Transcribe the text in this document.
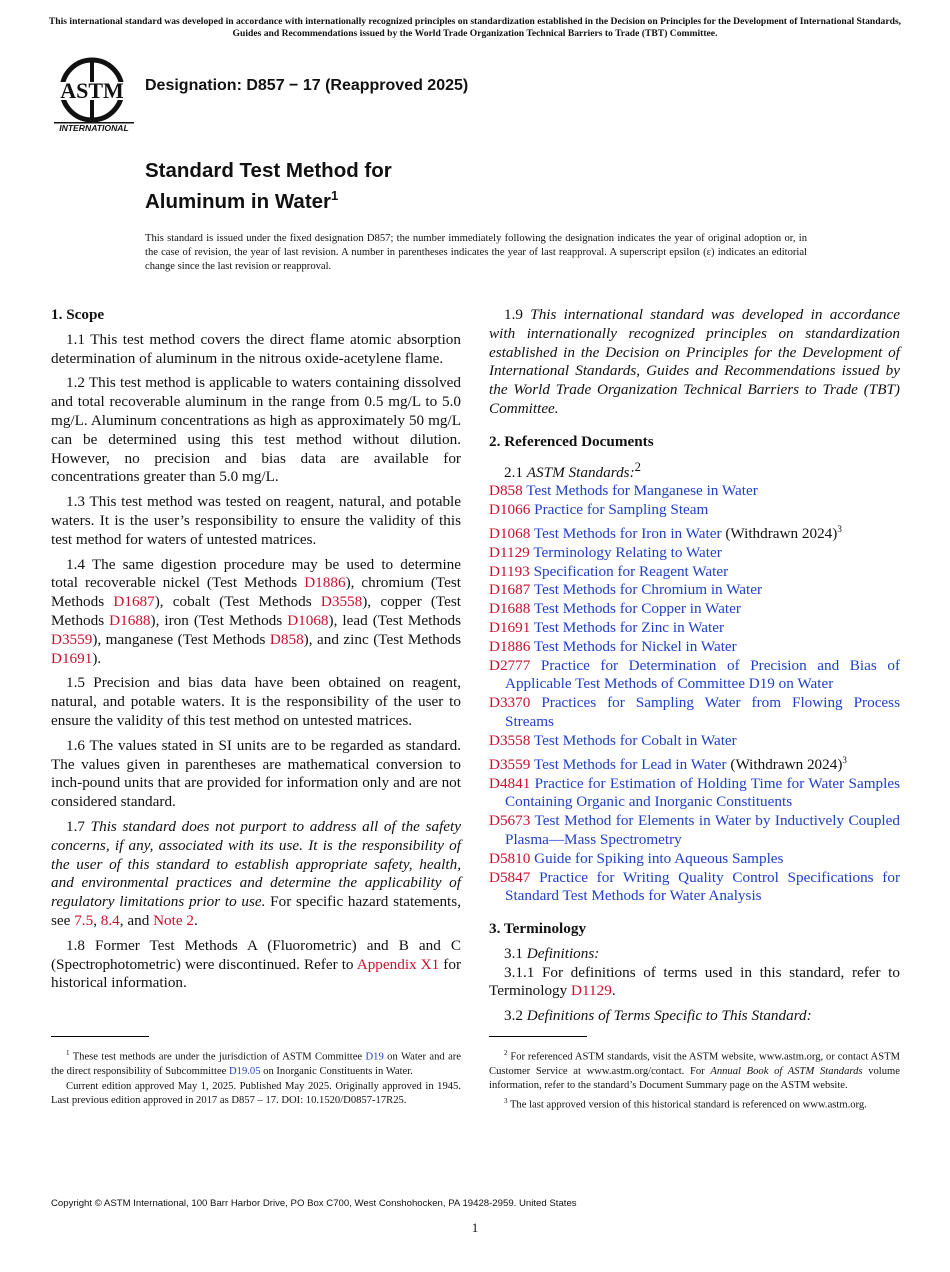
This international standard was developed in accordance with internationally recognized principles on standardization established in the Decision on Principles for the Development of International Standards, Guides and Recommendations issued by the World Trade Organization Technical Barriers to Trade (TBT) Committee.
ASTM
INTERNATIONAL
Designation: D857 − 17 (Reapproved 2025)
Standard Test Method for
Aluminum in Water$^1$
This standard is issued under the fixed designation D857; the number immediately following the designation indicates the year of original adoption or, in the case of revision, the year of last revision. A number in parentheses indicates the year of last reapproval. A superscript epsilon (ε) indicates an editorial change since the last revision or reapproval.
1. Scope

1.1 This test method covers the direct flame atomic absorption determination of aluminum in the nitrous oxide-acetylene flame.

1.2 This test method is applicable to waters containing dissolved and total recoverable aluminum in the range from 0.5 mg/L to 5.0 mg/L. Aluminum concentrations as high as approximately 50 mg/L can be determined using this test method without dilution. However, no precision and bias data are available for concentrations greater than 5.0 mg/L.

1.3 This test method was tested on reagent, natural, and potable waters. It is the user’s responsibility to ensure the validity of this test method for waters of untested matrices.

1.4 The same digestion procedure may be used to determine total recoverable nickel (Test Methods D1886), chromium (Test Methods D1687), cobalt (Test Methods D3558), copper (Test Methods D1688), iron (Test Methods D1068), lead (Test Methods D3559), manganese (Test Methods D858), and zinc (Test Methods D1691).

1.5 Precision and bias data have been obtained on reagent, natural, and potable waters. It is the responsibility of the user to ensure the validity of this test method on untested matrices.

1.6 The values stated in SI units are to be regarded as standard. The values given in parentheses are mathematical conversion to inch-pound units that are provided for information only and are not considered standard.

1.7 This standard does not purport to address all of the safety concerns, if any, associated with its use. It is the responsibility of the user of this standard to establish appropriate safety, health, and environmental practices and determine the applicability of regulatory limitations prior to use. For specific hazard statements, see 7.5, 8.4, and Note 2.

1.8 Former Test Methods A (Fluorometric) and B and C (Spectrophotometric) were discontinued. Refer to Appendix X1 for historical information.

1.9 This international standard was developed in accordance with internationally recognized principles on standardization established in the Decision on Principles for the Development of International Standards, Guides and Recommendations issued by the World Trade Organization Technical Barriers to Trade (TBT) Committee.

2. Referenced Documents

2.1 ASTM Standards:$^2$

D858 Test Methods for Manganese in Water

D1066 Practice for Sampling Steam

D1068 Test Methods for Iron in Water (Withdrawn 2024)$^3$

D1129 Terminology Relating to Water

D1193 Specification for Reagent Water

D1687 Test Methods for Chromium in Water

D1688 Test Methods for Copper in Water

D1691 Test Methods for Zinc in Water

D1886 Test Methods for Nickel in Water

D2777 Practice for Determination of Precision and Bias of Applicable Test Methods of Committee D19 on Water

D3370 Practices for Sampling Water from Flowing Process Streams

D3558 Test Methods for Cobalt in Water

D3559 Test Methods for Lead in Water (Withdrawn 2024)$^3$

D4841 Practice for Estimation of Holding Time for Water Samples Containing Organic and Inorganic Constituents

D5673 Test Method for Elements in Water by Inductively Coupled Plasma—Mass Spectrometry

D5810 Guide for Spiking into Aqueous Samples

D5847 Practice for Writing Quality Control Specifications for Standard Test Methods for Water Analysis

3. Terminology

3.1 Definitions:

3.1.1 For definitions of terms used in this standard, refer to Terminology D1129.

3.2 Definitions of Terms Specific to This Standard:

$^1$ These test methods are under the jurisdiction of ASTM Committee D19 on Water and are the direct responsibility of Subcommittee D19.05 on Inorganic Constituents in Water.

Current edition approved May 1, 2025. Published May 2025. Originally approved in 1945. Last previous edition approved in 2017 as D857 – 17. DOI: 10.1520/D0857-17R25.

$^2$ For referenced ASTM standards, visit the ASTM website, www.astm.org, or contact ASTM Customer Service at www.astm.org/contact. For Annual Book of ASTM Standards volume information, refer to the standard’s Document Summary page on the ASTM website.

$^3$ The last approved version of this historical standard is referenced on www.astm.org.

Copyright © ASTM International, 100 Barr Harbor Drive, PO Box C700, West Conshohocken, PA 19428-2959. United States
1
